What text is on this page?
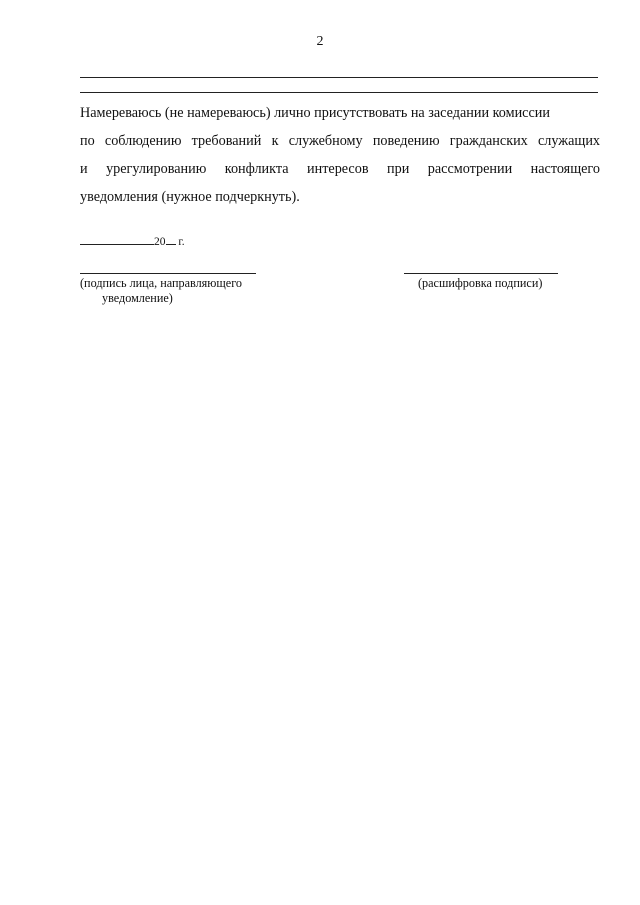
2
Намереваюсь (не намереваюсь) лично присутствовать на заседании комиссии
по соблюдению требований к служебному поведению гражданских служащих
и урегулированию конфликта интересов при рассмотрении настоящего
уведомления (нужное подчеркнуть).
20 г.
(подпись лица, направляющего
уведомление)
(расшифровка подписи)
